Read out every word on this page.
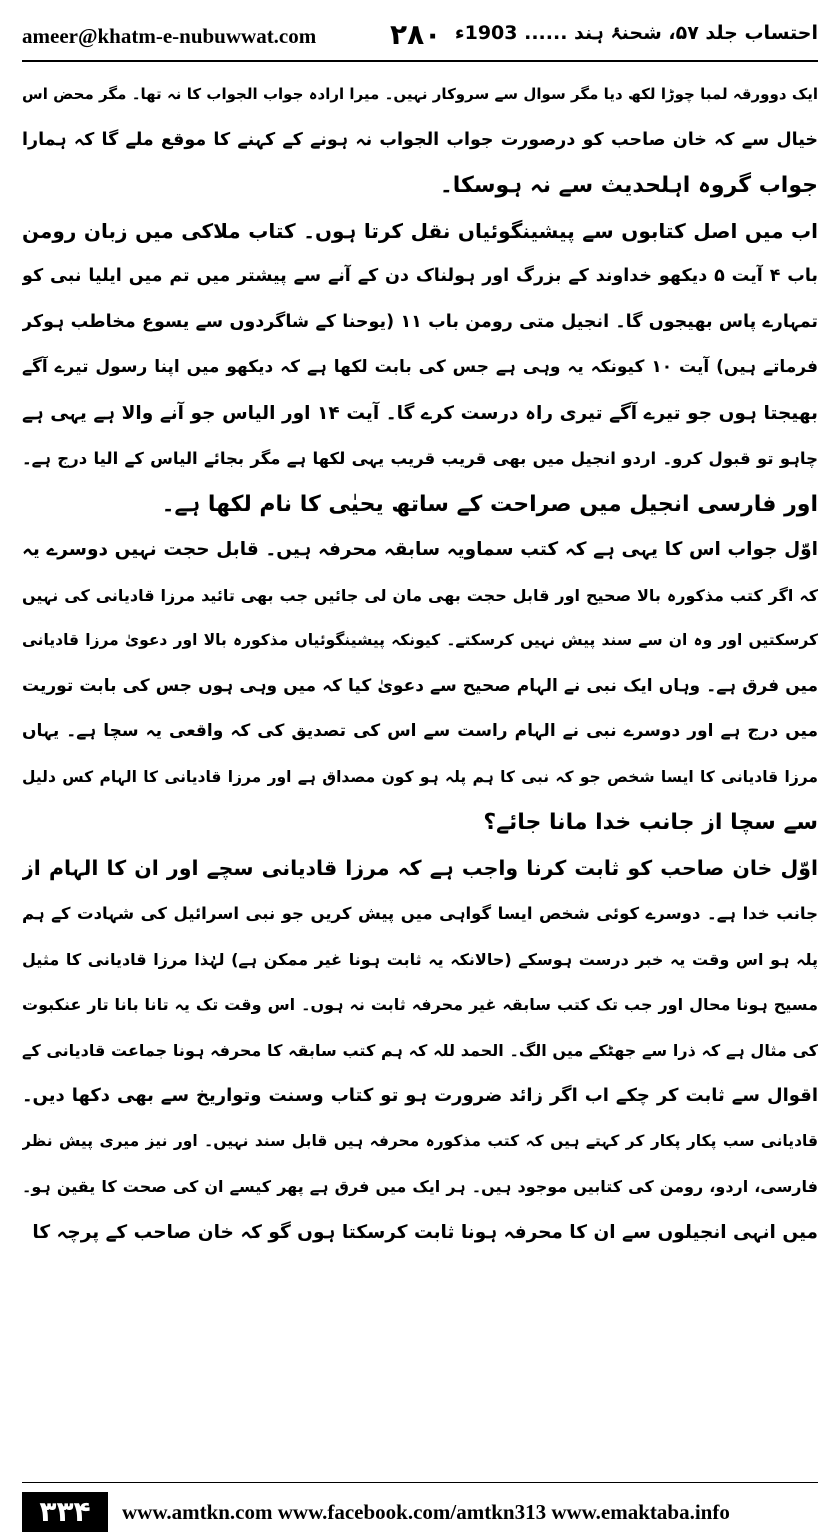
ameer@khatm-e-nubuwwat.com	۲۸۰ احتساب جلد ۵۷، شحنۂ ہند ...... 1903ء
ایک دوورقہ لمبا چوڑا لکھ دیا مگر سوال سے سروکار نہیں۔ میرا ارادہ جواب الجواب کا نہ تھا۔ مگر محض اس
خیال سے کہ خان صاحب کو درصورت جواب الجواب نہ ہونے کے کہنے کا موقع ملے گا کہ ہمارا
جواب گروہ اہلحدیث سے نہ ہوسکا۔
اب میں اصل کتابوں سے پیشینگوئیاں نقل کرتا ہوں۔ کتاب ملاکی میں زبان رومن
باب ۴ آیت ۵ دیکھو خداوند کے بزرگ اور ہولناک دن کے آنے سے پیشتر میں تم میں ایلیا نبی کو
تمہارے پاس بھیجوں گا۔ انجیل متی رومن باب ۱۱ (یوحنا کے شاگردوں سے یسوع مخاطب ہوکر
فرماتے ہیں) آیت ۱۰ کیونکہ یہ وہی ہے جس کی بابت لکھا ہے کہ دیکھو میں اپنا رسول تیرے آگے
بھیجتا ہوں جو تیرے آگے تیری راہ درست کرے گا۔ آیت ۱۴ اور الیاس جو آنے والا ہے یہی ہے
چاہو تو قبول کرو۔ اردو انجیل میں بھی قریب قریب یہی لکھا ہے مگر بجائے الیاس کے الیا درج ہے۔
اور فارسی انجیل میں صراحت کے ساتھ یحیٰی کا نام لکھا ہے۔
اوّل جواب اس کا یہی ہے کہ کتب سماویہ سابقہ محرفہ ہیں۔ قابل حجت نہیں دوسرے یہ
کہ اگر کتب مذکورہ بالا صحیح اور قابل حجت بھی مان لی جائیں جب بھی تائید مرزا قادیانی کی نہیں
کرسکتیں اور وہ ان سے سند پیش نہیں کرسکتے۔ کیونکہ پیشینگوئیاں مذکورہ بالا اور دعویٰ مرزا قادیانی
میں فرق ہے۔ وہاں ایک نبی نے الہام صحیح سے دعویٰ کیا کہ میں وہی ہوں جس کی بابت توریت
میں درج ہے اور دوسرے نبی نے الہام راست سے اس کی تصدیق کی کہ واقعی یہ سچا ہے۔ یہاں
مرزا قادیانی کا ایسا شخص جو کہ نبی کا ہم پلہ ہو کون مصداق ہے اور مرزا قادیانی کا الہام کس دلیل
سے سچا از جانب خدا مانا جائے؟
اوّل خان صاحب کو ثابت کرنا واجب ہے کہ مرزا قادیانی سچے اور ان کا الہام از
جانب خدا ہے۔ دوسرے کوئی شخص ایسا گواہی میں پیش کریں جو نبی اسرائیل کی شہادت کے ہم
پلہ ہو اس وقت یہ خبر درست ہوسکے (حالانکہ یہ ثابت ہونا غیر ممکن ہے) لہٰذا مرزا قادیانی کا مثیل
مسیح ہونا محال اور جب تک کتب سابقہ غیر محرفہ ثابت نہ ہوں۔ اس وقت تک یہ تانا بانا تار عنکبوت
کی مثال ہے کہ ذرا سے جھٹکے میں الگ۔ الحمد للہ کہ ہم کتب سابقہ کا محرفہ ہونا جماعت قادیانی کے
اقوال سے ثابت کر چکے اب اگر زائد ضرورت ہو تو کتاب وسنت وتواریخ سے بھی دکھا دیں۔
قادیانی سب پکار پکار کر کہتے ہیں کہ کتب مذکورہ محرفہ ہیں قابل سند نہیں۔ اور نیز میری پیش نظر
فارسی، اردو، رومن کی کتابیں موجود ہیں۔ ہر ایک میں فرق ہے پھر کیسے ان کی صحت کا یقین ہو۔
میں انہی انجیلوں سے ان کا محرفہ ہونا ثابت کرسکتا ہوں گو کہ خان صاحب کے پرچہ کا
۳۳۴	www.amtkn.com www.facebook.com/amtkn313 www.emaktaba.info
